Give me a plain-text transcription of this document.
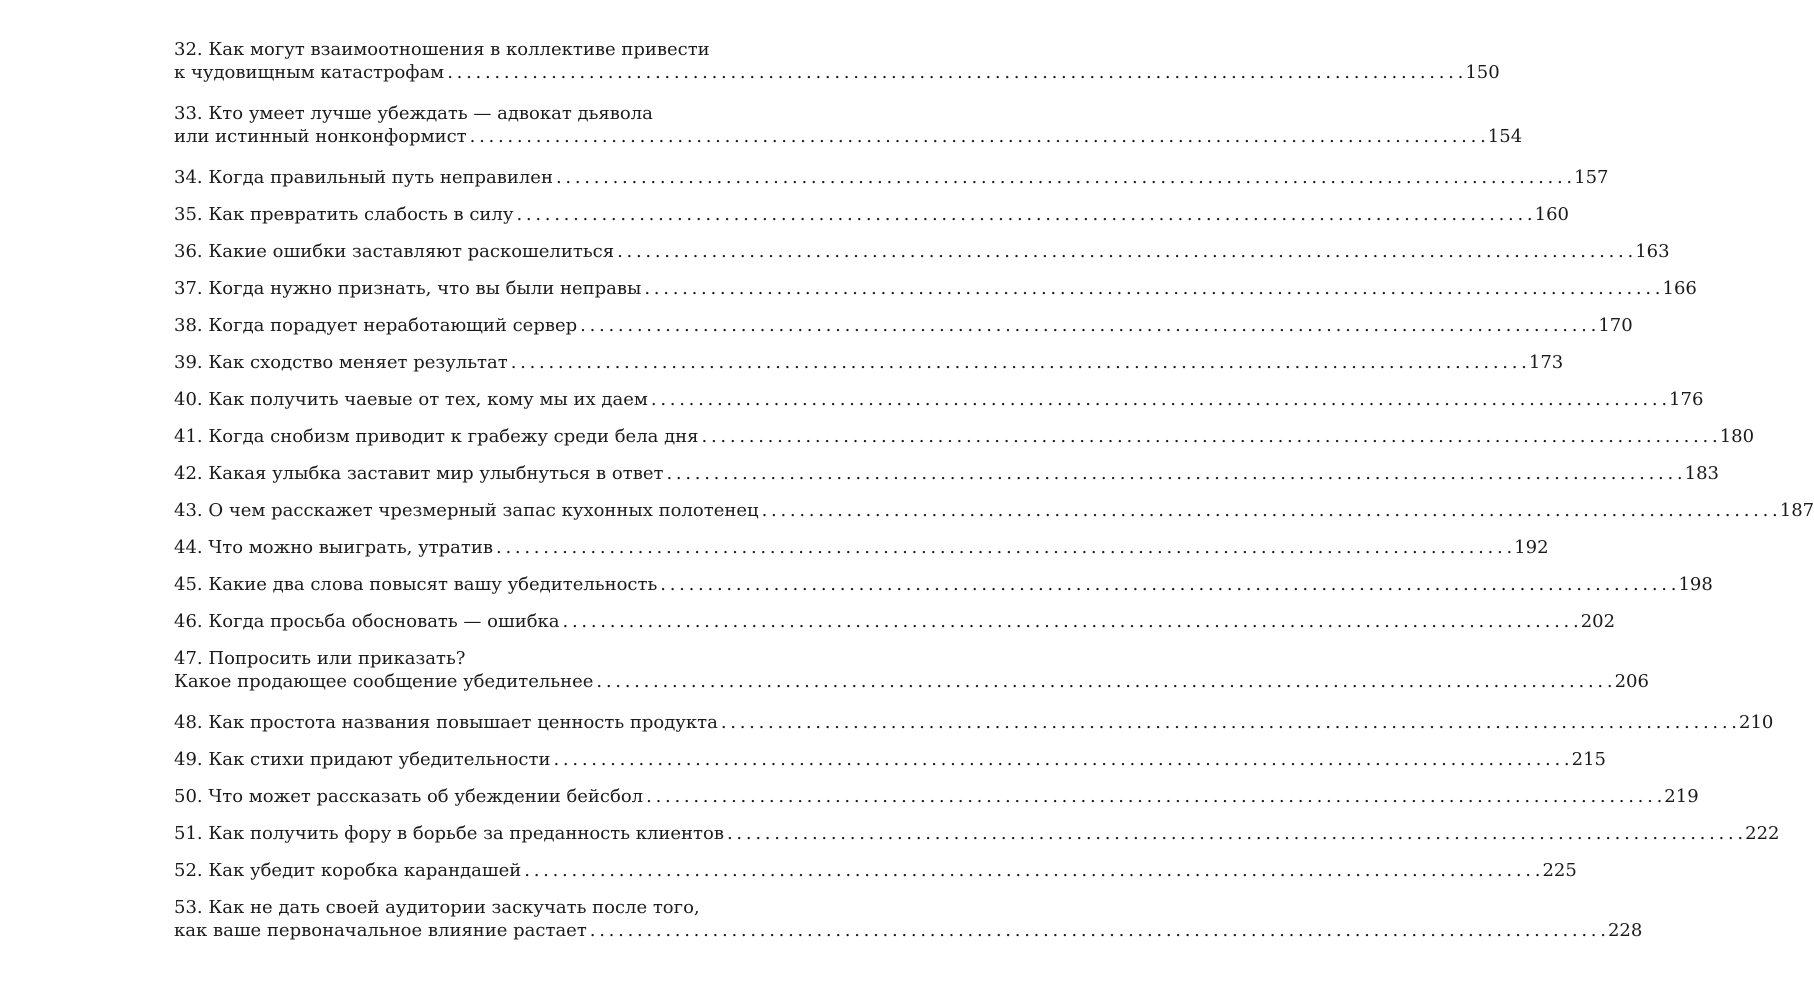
32. Как могут взаимоотношения в коллективе привести
к чудовищным катастрофам . . .	150
33. Кто умеет лучше убеждать — адвокат дьявола
или истинный нонконформист . . .	154
34. Когда правильный путь неправилен . . .	157
35. Как превратить слабость в силу . . .	160
36. Какие ошибки заставляют раскошелиться . . .	163
37. Когда нужно признать, что вы были неправы . . .	166
38. Когда порадует неработающий сервер . . .	170
39. Как сходство меняет результат . . .	173
40. Как получить чаевые от тех, кому мы их даем . . .	176
41. Когда снобизм приводит к грабежу среди бела дня . . .	180
42. Какая улыбка заставит мир улыбнуться в ответ . . .	183
43. О чем расскажет чрезмерный запас кухонных полотенец . . .	187
44. Что можно выиграть, утратив . . .	192
45. Какие два слова повысят вашу убедительность . . .	198
46. Когда просьба обосновать — ошибка . . .	202
47. Попросить или приказать?
Какое продающее сообщение убедительнее . . .	206
48. Как простота названия повышает ценность продукта . . .	210
49. Как стихи придают убедительности . . .	215
50. Что может рассказать об убеждении бейсбол . . .	219
51. Как получить фору в борьбе за преданность клиентов . . .	222
52. Как убедит коробка карандашей . . .	225
53. Как не дать своей аудитории заскучать после того,
как ваше первоначальное влияние растает . . .	228
